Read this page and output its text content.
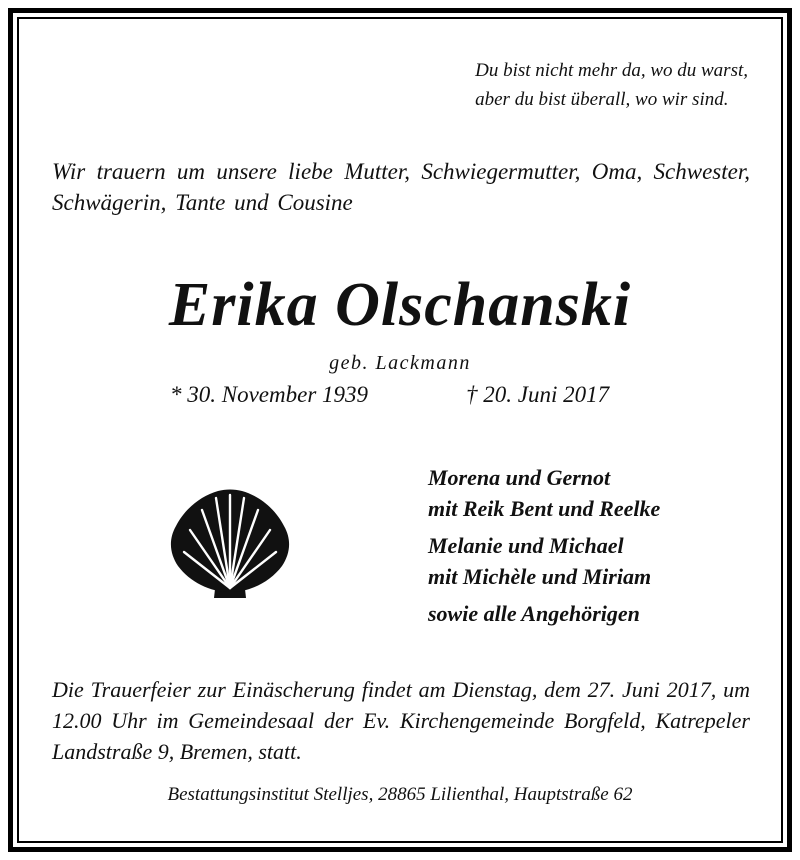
Du bist nicht mehr da, wo du warst,
aber du bist überall, wo wir sind.
Wir trauern um unsere liebe Mutter, Schwiegermutter, Oma, Schwester, Schwägerin, Tante und Cousine
Erika Olschanski
geb. Lackmann
* 30. November 1939	† 20. Juni 2017
Morena und Gernot
mit Reik Bent und Reelke
Melanie und Michael
mit Michèle und Miriam
sowie alle Angehörigen
Die Trauerfeier zur Einäscherung findet am Dienstag, dem 27. Juni 2017, um 12.00 Uhr im Gemeindesaal der Ev. Kirchengemeinde Borgfeld, Katrepeler Landstraße 9, Bremen, statt.
Bestattungsinstitut Stelljes, 28865 Lilienthal, Hauptstraße 62
